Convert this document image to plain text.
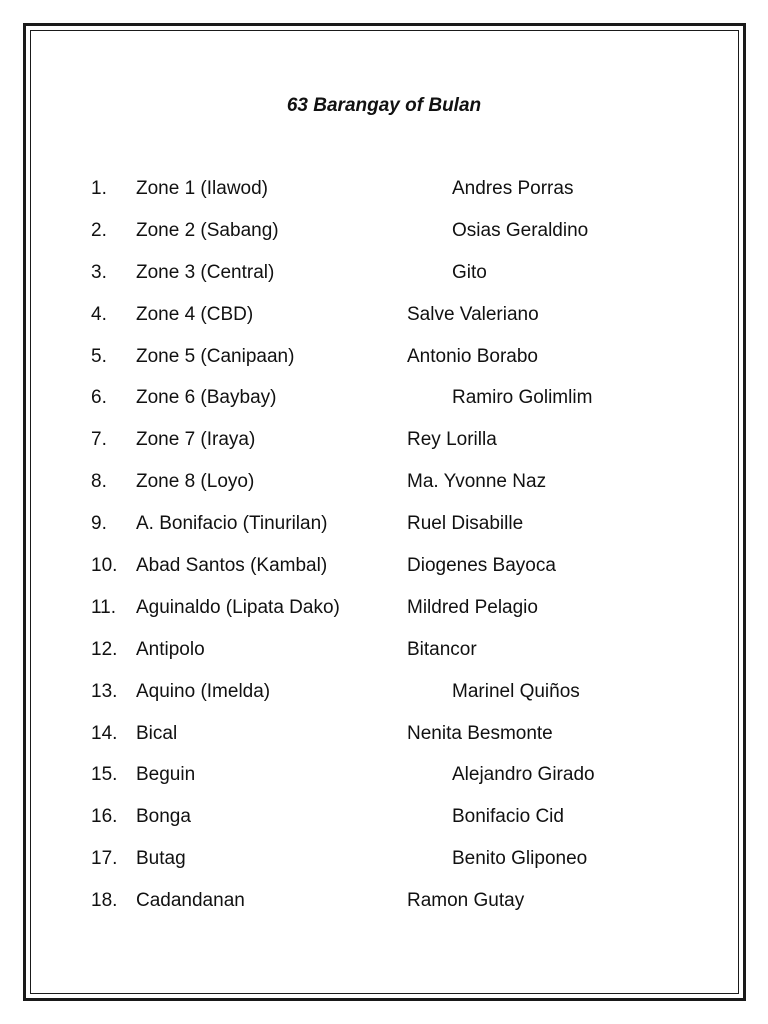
63 Barangay of Bulan
1. Zone 1 (Ilawod)	Andres Porras
2. Zone 2 (Sabang)	Osias Geraldino
3. Zone 3 (Central)	Gito
4. Zone 4 (CBD)	Salve Valeriano
5. Zone 5 (Canipaan)	Antonio Borabo
6. Zone 6 (Baybay)	Ramiro Golimlim
7. Zone 7 (Iraya)	Rey Lorilla
8. Zone 8 (Loyo)	Ma. Yvonne Naz
9. A. Bonifacio (Tinurilan)	Ruel Disabille
10. Abad Santos (Kambal)	Diogenes Bayoca
11. Aguinaldo (Lipata Dako)	Mildred Pelagio
12. Antipolo	Bitancor
13. Aquino (Imelda)	Marinel Quiños
14. Bical	Nenita Besmonte
15. Beguin	Alejandro Girado
16. Bonga	Bonifacio Cid
17. Butag	Benito Gliponeo
18. Cadandanan	Ramon Gutay
